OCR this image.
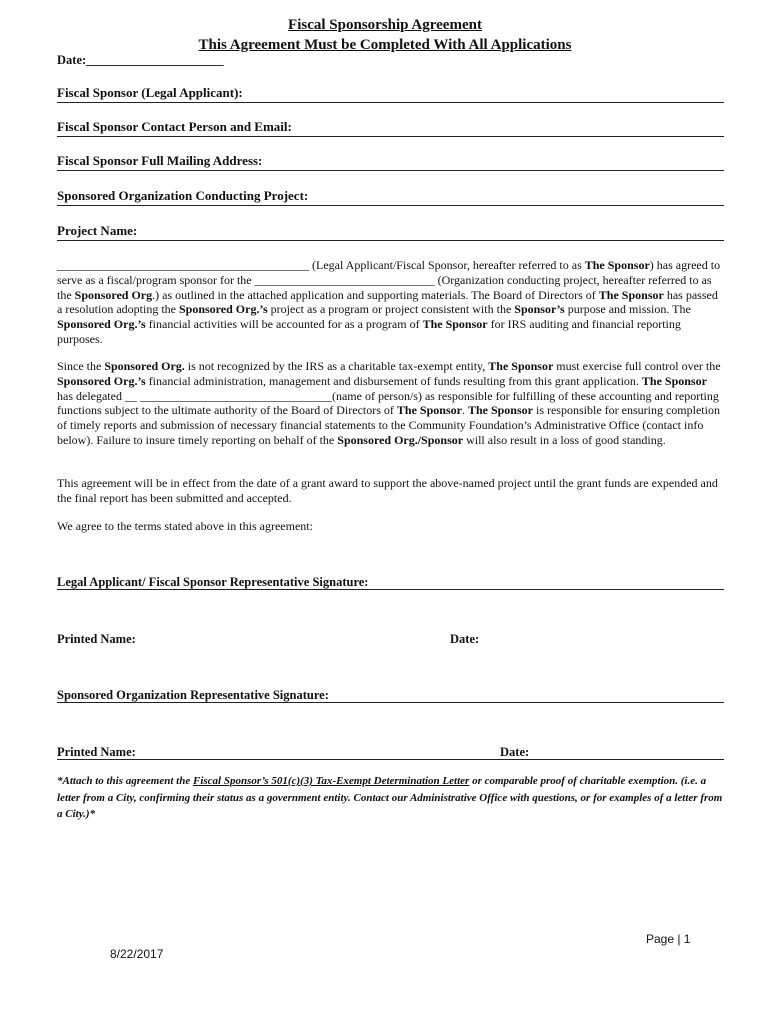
Fiscal Sponsorship Agreement
This Agreement Must be Completed With All Applications
Date:______________________
Fiscal Sponsor (Legal Applicant):
Fiscal Sponsor Contact Person and Email:
Fiscal Sponsor Full Mailing Address:
Sponsored Organization Conducting Project:
Project Name:
__________________________________________ (Legal Applicant/Fiscal Sponsor, hereafter referred to as The Sponsor) has agreed to serve as a fiscal/program sponsor for the ______________________________ (Organization conducting project, hereafter referred to as the Sponsored Org.) as outlined in the attached application and supporting materials. The Board of Directors of The Sponsor has passed a resolution adopting the Sponsored Org.’s project as a program or project consistent with the Sponsor’s purpose and mission. The Sponsored Org.’s financial activities will be accounted for as a program of The Sponsor for IRS auditing and financial reporting purposes.
Since the Sponsored Org. is not recognized by the IRS as a charitable tax-exempt entity, The Sponsor must exercise full control over the Sponsored Org.’s financial administration, management and disbursement of funds resulting from this grant application. The Sponsor has delegated __ ________________________________(name of person/s) as responsible for fulfilling of these accounting and reporting functions subject to the ultimate authority of the Board of Directors of The Sponsor. The Sponsor is responsible for ensuring completion of timely reports and submission of necessary financial statements to the Community Foundation’s Administrative Office (contact info below). Failure to insure timely reporting on behalf of the Sponsored Org./Sponsor will also result in a loss of good standing.
This agreement will be in effect from the date of a grant award to support the above-named project until the grant funds are expended and the final report has been submitted and accepted.
We agree to the terms stated above in this agreement:
Legal Applicant/ Fiscal Sponsor Representative Signature:
Printed Name:	Date:
Sponsored Organization Representative Signature:
Printed Name:	Date:
*Attach to this agreement the Fiscal Sponsor’s 501(c)(3) Tax-Exempt Determination Letter or comparable proof of charitable exemption. (i.e. a letter from a City, confirming their status as a government entity. Contact our Administrative Office with questions, or for examples of a letter from a City.)*
Page | 1
8/22/2017
